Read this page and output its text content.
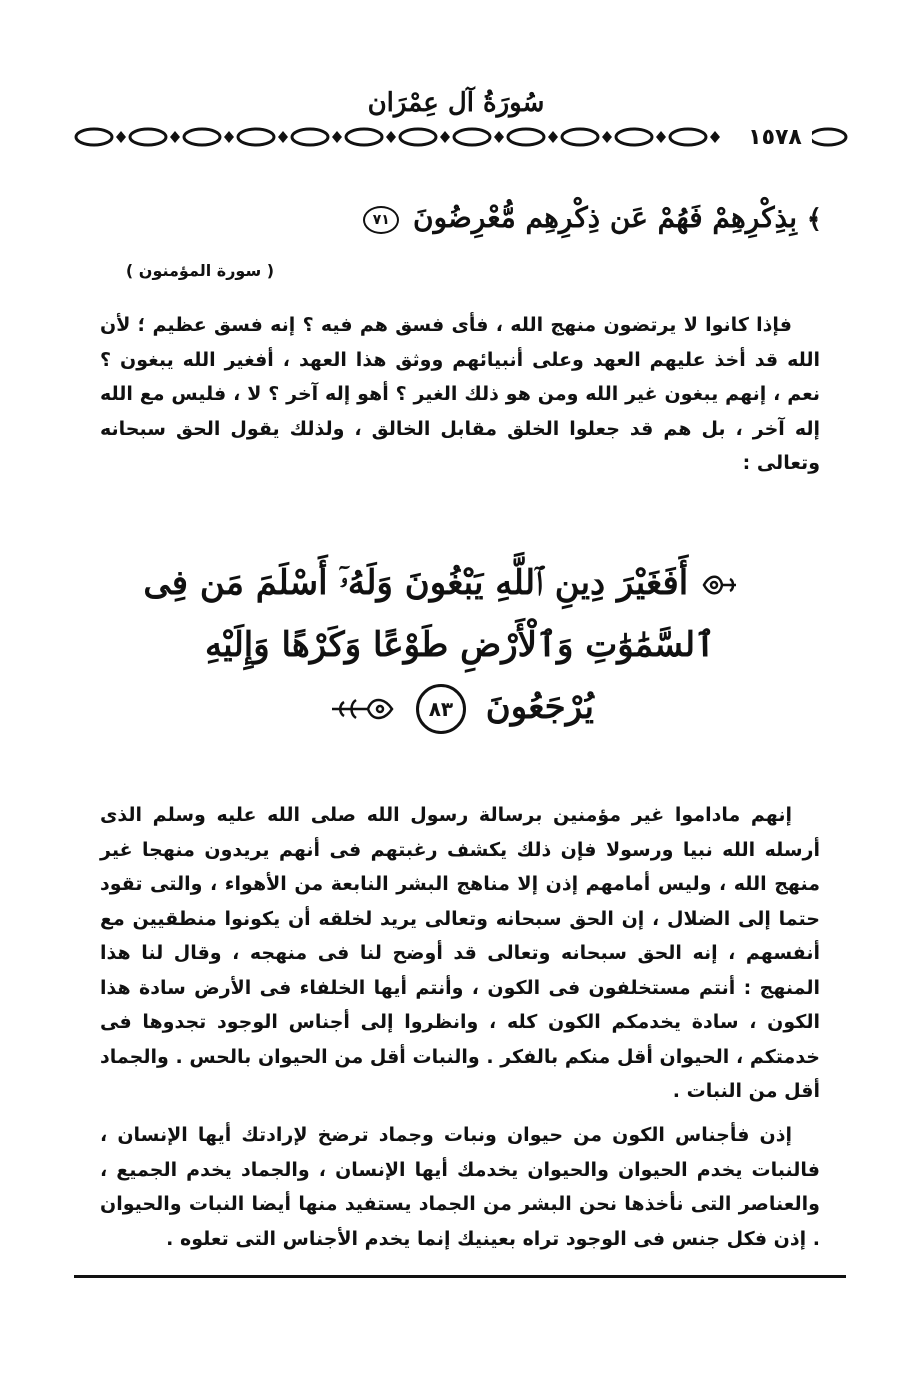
سُورَةُ آل عِمْرَان
١٥٧٨
﴾ بِذِكْرِهِمْ فَهُمْ عَن ذِكْرِهِم مُّعْرِضُونَ ٧١
( سورة المؤمنون )

فإذا كانوا لا يرتضون منهج الله ، فأى فسق هم فيه ؟ إنه فسق عظيم ؛ لأن الله قد أخذ عليهم العهد وعلى أنبيائهم ووثق هذا العهد ، أفغير الله يبغون ؟ نعم ، إنهم يبغون غير الله ومن هو ذلك الغير ؟ أهو إله آخر ؟ لا ، فليس مع الله إله آخر ، بل هم قد جعلوا الخلق مقابل الخالق ، ولذلك يقول الحق سبحانه وتعالى :

أَفَغَيْرَ دِينِ ٱللَّهِ يَبْغُونَ وَلَهُۥٓ أَسْلَمَ مَن فِى
ٱلسَّمَٰوَٰتِ وَٱلْأَرْضِ طَوْعًا وَكَرْهًا وَإِلَيْهِ
يُرْجَعُونَ ٨٣

إنهم ماداموا غير مؤمنين برسالة رسول الله صلى الله عليه وسلم الذى أرسله الله نبيا ورسولا فإن ذلك يكشف رغبتهم فى أنهم يريدون منهجا غير منهج الله ، وليس أمامهم إذن إلا مناهج البشر النابعة من الأهواء ، والتى تقود حتما إلى الضلال ، إن الحق سبحانه وتعالى يريد لخلقه أن يكونوا منطقيين مع أنفسهم ، إنه الحق سبحانه وتعالى قد أوضح لنا فى منهجه ، وقال لنا هذا المنهج : أنتم مستخلفون فى الكون ، وأنتم أيها الخلفاء فى الأرض سادة هذا الكون ، سادة يخدمكم الكون كله ، وانظروا إلى أجناس الوجود تجدوها فى خدمتكم ، الحيوان أقل منكم بالفكر . والنبات أقل من الحيوان بالحس . والجماد أقل من النبات .

إذن فأجناس الكون من حيوان ونبات وجماد ترضخ لإرادتك أيها الإنسان ، فالنبات يخدم الحيوان والحيوان يخدمك أيها الإنسان ، والجماد يخدم الجميع ، والعناصر التى نأخذها نحن البشر من الجماد يستفيد منها أيضا النبات والحيوان . إذن فكل جنس فى الوجود تراه بعينيك إنما يخدم الأجناس التى تعلوه .
